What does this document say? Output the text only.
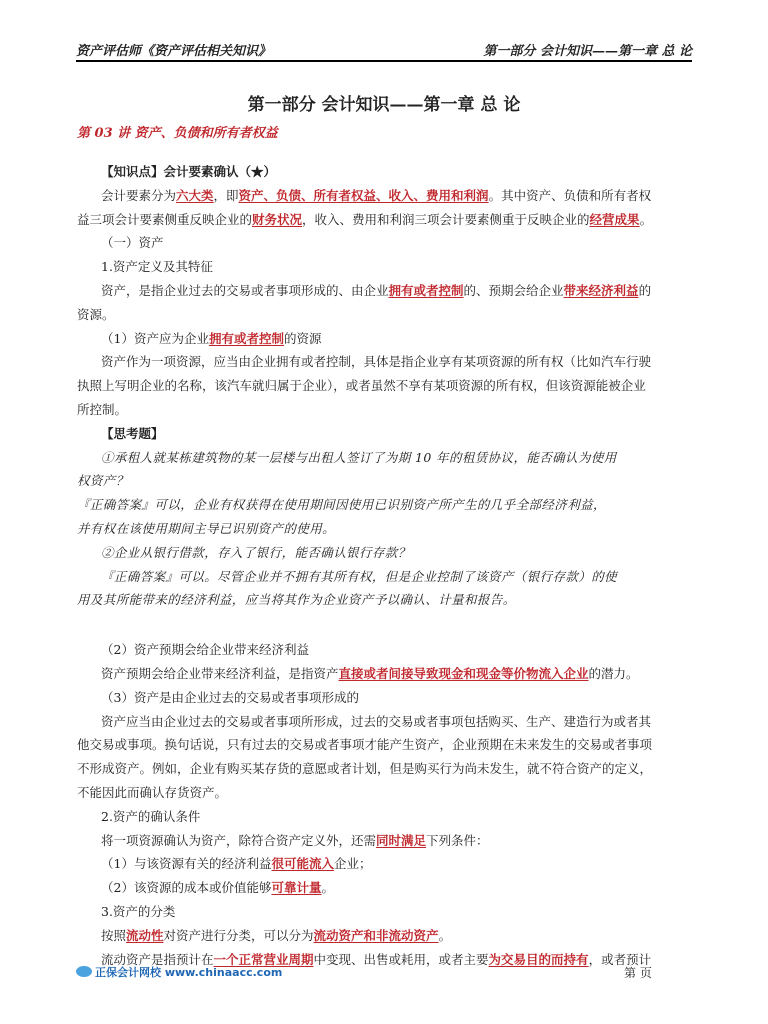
资产评估师《资产评估相关知识》	第一部分 会计知识——第一章 总 论
第一部分 会计知识——第一章 总 论
第 03 讲 资产、负债和所有者权益

【知识点】会计要素确认（★）

会计要素分为六大类，即资产、负债、所有者权益、收入、费用和利润。其中资产、负债和所有者权

益三项会计要素侧重反映企业的财务状况，收入、费用和利润三项会计要素侧重于反映企业的经营成果。

（一）资产

1.资产定义及其特征

资产，是指企业过去的交易或者事项形成的、由企业拥有或者控制的、预期会给企业带来经济利益的

资源。

（1）资产应为企业拥有或者控制的资源

资产作为一项资源，应当由企业拥有或者控制，具体是指企业享有某项资源的所有权（比如汽车行驶

执照上写明企业的名称，该汽车就归属于企业），或者虽然不享有某项资源的所有权，但该资源能被企业

所控制。

【思考题】

①承租人就某栋建筑物的某一层楼与出租人签订了为期 10 年的租赁协议，能否确认为使用

权资产？

『正确答案』可以，企业有权获得在使用期间因使用已识别资产所产生的几乎全部经济利益，

并有权在该使用期间主导已识别资产的使用。

②企业从银行借款，存入了银行，能否确认银行存款？

『正确答案』可以。尽管企业并不拥有其所有权，但是企业控制了该资产（银行存款）的使

用及其所能带来的经济利益，应当将其作为企业资产予以确认、计量和报告。

（2）资产预期会给企业带来经济利益

资产预期会给企业带来经济利益，是指资产直接或者间接导致现金和现金等价物流入企业的潜力。

（3）资产是由企业过去的交易或者事项形成的

资产应当由企业过去的交易或者事项所形成，过去的交易或者事项包括购买、生产、建造行为或者其

他交易或事项。换句话说，只有过去的交易或者事项才能产生资产，企业预期在未来发生的交易或者事项

不形成资产。例如，企业有购买某存货的意愿或者计划，但是购买行为尚未发生，就不符合资产的定义，

不能因此而确认存货资产。

2.资产的确认条件

将一项资源确认为资产，除符合资产定义外，还需同时满足下列条件：

（1）与该资源有关的经济利益很可能流入企业；

（2）该资源的成本或价值能够可靠计量。

3.资产的分类

按照流动性对资产进行分类，可以分为流动资产和非流动资产。

流动资产是指预计在一个正常营业周期中变现、出售或耗用，或者主要为交易目的而持有，或者预计

正保会计网校 www.chinaacc.com	第 页
